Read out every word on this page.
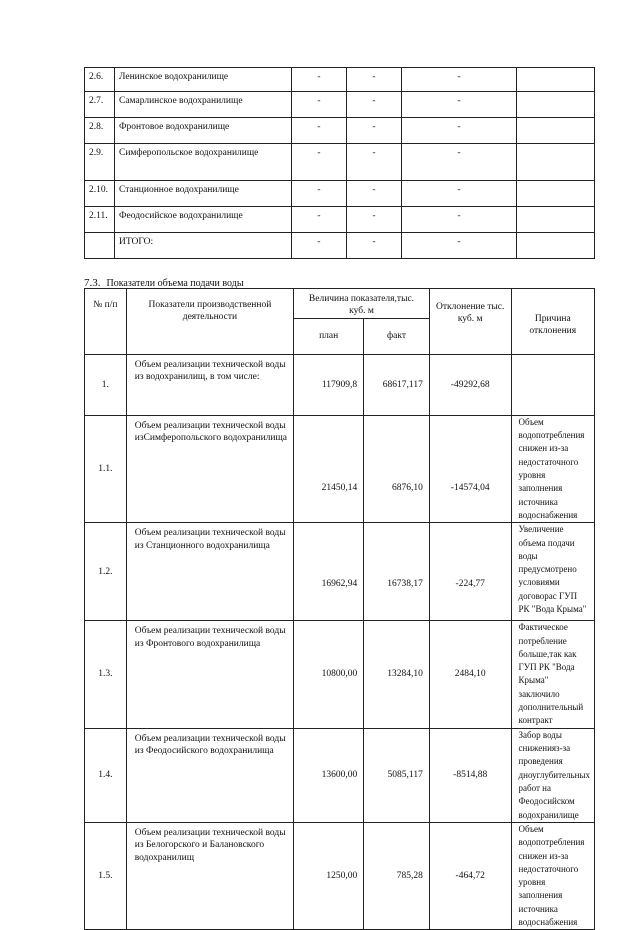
2.6.	Ленинское водохранилище	-	-	-	
2.7.	Самарлинское водохранилище	-	-	-	
2.8.	Фронтовое водохранилище	-	-	-	
2.9.	Симферопольское водохранилище	-	-	-	
2.10.	Станционное водохранилище	-	-	-	
2.11.	Феодосийское водохранилище	-	-	-	
	ИТОГО:	-	-	-	
7.3. Показатели объема подачи воды
№ п/п	Показатели производственной деятельности	Величина показателя,тыс. куб. м		Отклонение тыс. куб. м	Причина отклонения
		план	факт		
1.	Объем реализации технической воды из водохранилищ, в том числе:	117909,8	68617,117	-49292,68	
1.1.	Объем реализации технической воды изСимферопольского водохранилища	21450,14	6876,10	-14574,04	Объем водопотребления снижен из-за недостаточного уровня заполнения источника водоснабжения
1.2.	Объем реализации технической воды из Станционного водохранилища	16962,94	16738,17	-224,77	Увеличение объема подачи воды предусмотрено условиями договорас ГУП РК "Вода Крыма"
1.3.	Объем реализации технической воды из Фронтового водохранилища	10800,00	13284,10	2484,10	Фактическое потребление больше,так как ГУП РК "Вода Крыма" заключило дополнительный контракт
1.4.	Объем реализации технической воды из Феодосийского водохранилища	13600,00	5085,117	-8514,88	Забор воды сниженияз-за проведения дноуглубительных работ на Феодосийском водохранилище
1.5.	Объем реализации технической воды из Белогорского и Балановского водохранилищ	1250,00	785,28	-464,72	Объем водопотребления снижен из-за недостаточного уровня заполнения источника водоснабжения
